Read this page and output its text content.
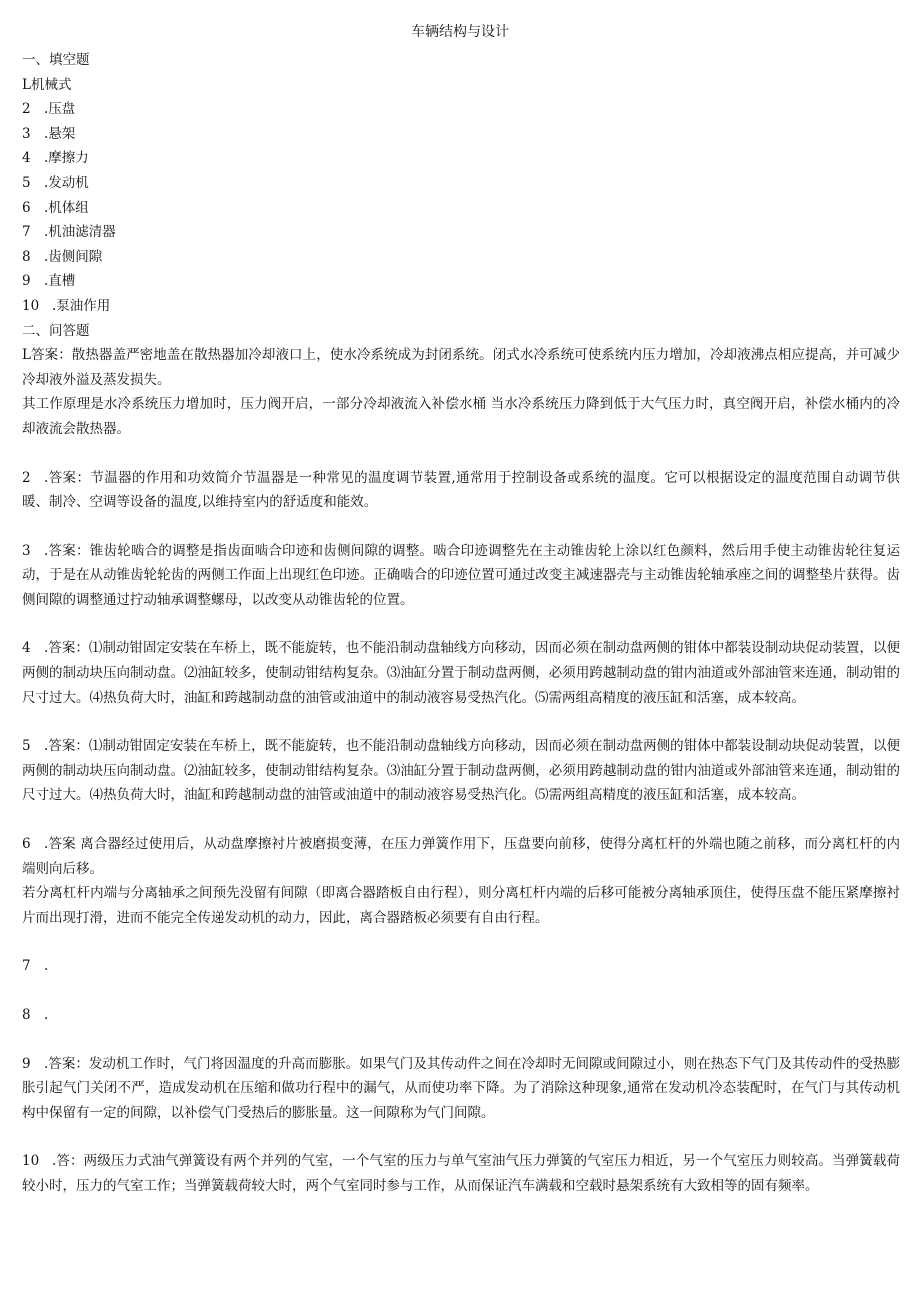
车辆结构与设计
一、填空题
L机械式
2 .压盘
3 .悬架
4 .摩擦力
5 .发动机
6 .机体组
7 .机油滤清器
8 .齿侧间隙
9 .直槽
10 .泵油作用
二、问答题
L答案：散热器盖严密地盖在散热器加冷却液口上，使水冷系统成为封闭系统。闭式水冷系统可使系统内压力增加，冷却液沸点相应提高，并可减少冷却液外溢及蒸发损失。
其工作原理是水冷系统压力增加时，压力阀开启，一部分冷却液流入补偿水桶 当水冷系统压力降到低于大气压力时，真空阀开启，补偿水桶内的冷却液流会散热器。
2 .答案：节温器的作用和功效简介节温器是一种常见的温度调节装置,通常用于控制设备或系统的温度。它可以根据设定的温度范围自动调节供暖、制冷、空调等设备的温度,以维持室内的舒适度和能效。
3 .答案：锥齿轮啮合的调整是指齿面啮合印迹和齿侧间隙的调整。啮合印迹调整先在主动锥齿轮上涂以红色颜料，然后用手使主动锥齿轮往复运动，于是在从动锥齿轮轮齿的两侧工作面上出现红色印迹。正确啮合的印迹位置可通过改变主减速器壳与主动锥齿轮轴承座之间的调整垫片获得。齿侧间隙的调整通过拧动轴承调整螺母，以改变从动锥齿轮的位置。
4 .答案：⑴制动钳固定安装在车桥上，既不能旋转，也不能沿制动盘轴线方向移动，因而必须在制动盘两侧的钳体中都装设制动块促动装置，以便两侧的制动块压向制动盘。⑵油缸较多，使制动钳结构复杂。⑶油缸分置于制动盘两侧，必须用跨越制动盘的钳内油道或外部油管来连通，制动钳的尺寸过大。⑷热负荷大时，油缸和跨越制动盘的油管或油道中的制动液容易受热汽化。⑸需两组高精度的液压缸和活塞，成本较高。
5 .答案：⑴制动钳固定安装在车桥上，既不能旋转，也不能沿制动盘轴线方向移动，因而必须在制动盘两侧的钳体中都装设制动块促动装置，以便两侧的制动块压向制动盘。⑵油缸较多，使制动钳结构复杂。⑶油缸分置于制动盘两侧，必须用跨越制动盘的钳内油道或外部油管来连通，制动钳的尺寸过大。⑷热负荷大时，油缸和跨越制动盘的油管或油道中的制动液容易受热汽化。⑸需两组高精度的液压缸和活塞，成本较高。
6 .答案 离合器经过使用后，从动盘摩擦衬片被磨损变薄，在压力弹簧作用下，压盘要向前移，使得分离杠杆的外端也随之前移，而分离杠杆的内端则向后移。
若分离杠杆内端与分离轴承之间预先没留有间隙（即离合器踏板自由行程），则分离杠杆内端的后移可能被分离轴承顶住，使得压盘不能压紧摩擦衬片而出现打滑，进而不能完全传递发动机的动力，因此，离合器踏板必须要有自由行程。
7 .
8 .
9 .答案：发动机工作时，气门将因温度的升高而膨胀。如果气门及其传动件之间在冷却时无间隙或间隙过小，则在热态下气门及其传动件的受热膨胀引起气门关闭不严，造成发动机在压缩和做功行程中的漏气，从而使功率下降。为了消除这种现象,通常在发动机冷态装配时，在气门与其传动机构中保留有一定的间隙，以补偿气门受热后的膨胀量。这一间隙称为气门间隙。
10 .答：两级压力式油气弹簧设有两个并列的气室，一个气室的压力与单气室油气压力弹簧的气室压力相近，另一个气室压力则较高。当弹簧载荷较小时，压力的气室工作；当弹簧载荷较大时，两个气室同时参与工作，从而保证汽车满载和空载时悬架系统有大致相等的固有频率。
